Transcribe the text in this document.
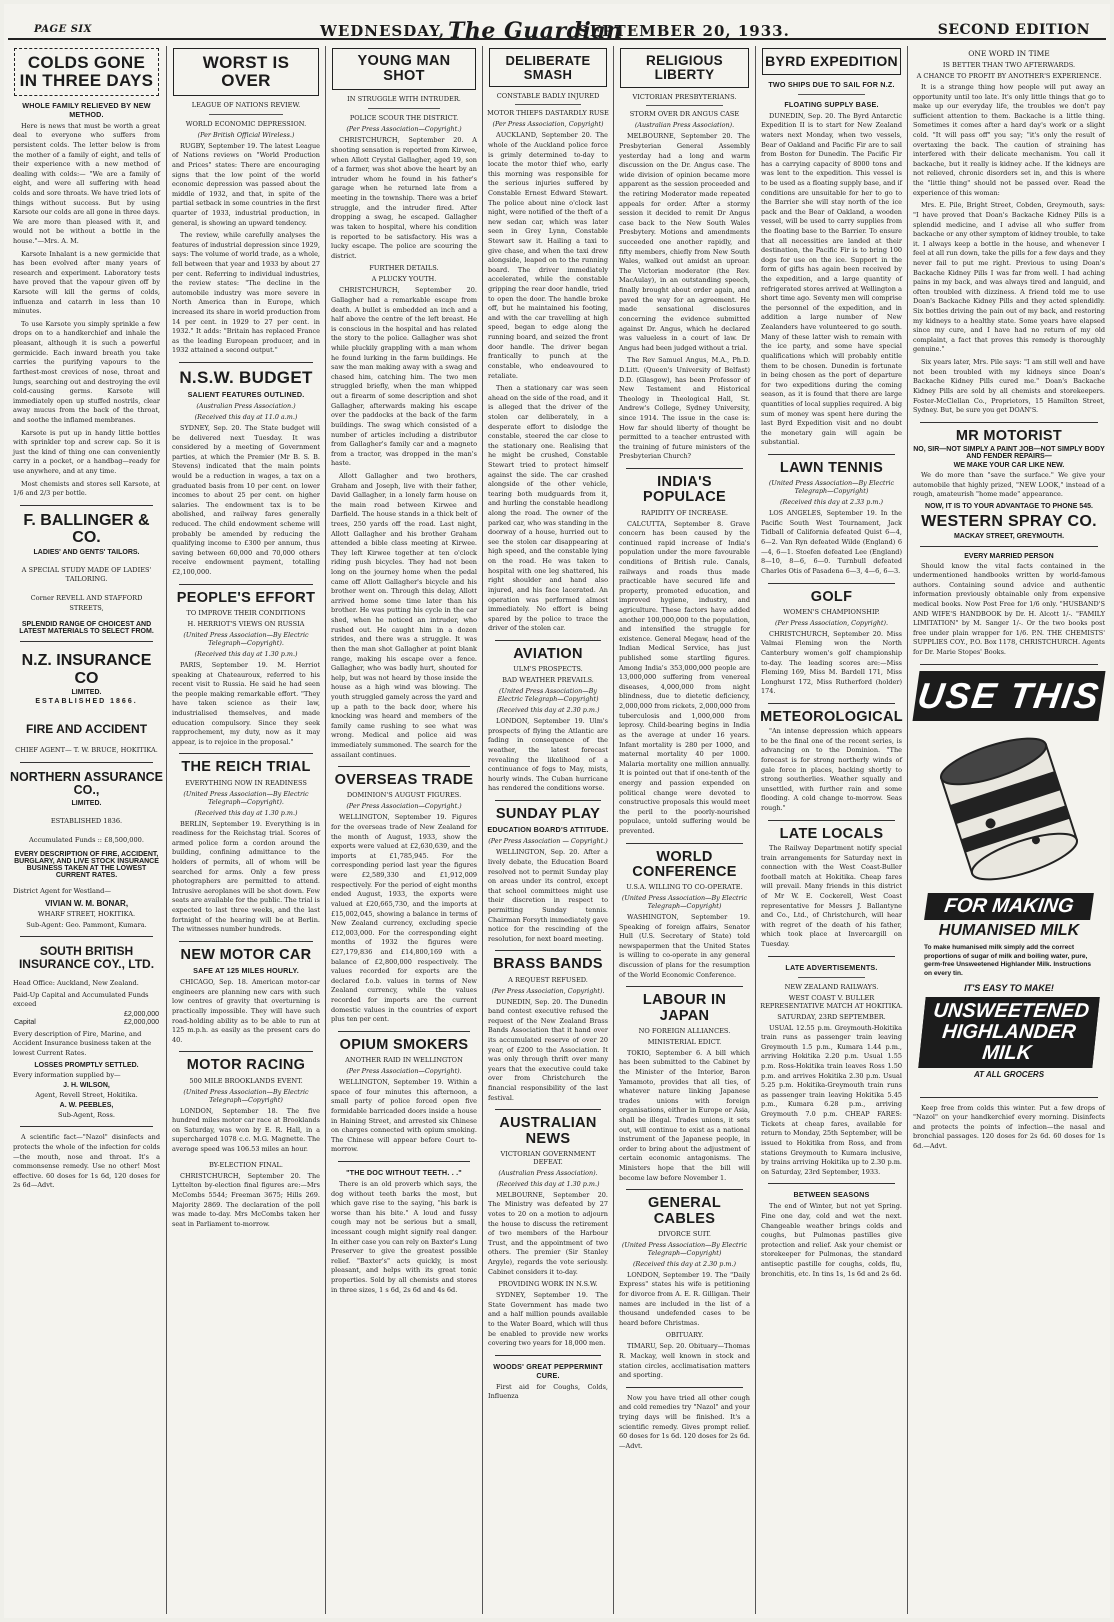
PAGE SIX	WEDNESDAY, The Guardian
SEPTEMBER 20, 1933.	SECOND EDITION
COLDS GONE IN THREE DAYS
WHOLE FAMILY RELIEVED BY NEW METHOD.
Here is news that must be worth a great deal to everyone who suffers from persistent colds. The letter below is from the mother of a family of eight, and tells of their experience with a new method of dealing with colds:— "We are a family of eight, and were all suffering with head colds and sore throats. We have tried lots of things without success. But by using Karsote our colds are all gone in three days. We are more than pleased with it, and would not be without a bottle in the house."—Mrs. A. M.
Karsote Inhalant is a new germicide that has been evolved after many years of research and experiment. Laboratory tests have proved that the vapour given off by Karsote will kill the germs of colds, influenza and catarrh in less than 10 minutes.
To use Karsote you simply sprinkle a few drops on to a handkerchief and inhale the pleasant, although it is such a powerful germicide. Each inward breath you take carries the purifying vapours to the farthest-most crevices of nose, throat and lungs, searching out and destroying the evil cold-causing germs. Karsote will immediately open up stuffed nostrils, clear away mucus from the back of the throat, and soothe the inflamed membranes.
Karsote is put up in handy little bottles with sprinkler top and screw cap. So it is just the kind of thing one can conveniently carry in a pocket, or a handbag—ready for use anywhere, and at any time.
Most chemists and stores sell Karsote, at 1/6 and 2/3 per bottle.
F. BALLINGER & CO.
LADIES' AND GENTS' TAILORS.
A SPECIAL STUDY MADE OF LADIES' TAILORING.
Corner REVELL AND STAFFORD STREETS,
SPLENDID RANGE OF CHOICEST AND LATEST MATERIALS TO SELECT FROM.
N.Z. INSURANCE CO
LIMITED.
ESTABLISHED 1866.
FIRE AND ACCIDENT
CHIEF AGENT— T. W. BRUCE, HOKITIKA.
NORTHERN ASSURANCE CO.,
LIMITED.
ESTABLISHED 1836.
Accumulated Funds :: £8,500,000.
EVERY DESCRIPTION OF FIRE, ACCIDENT, BURGLARY, AND LIVE STOCK INSURANCE BUSINESS TAKEN AT THE LOWEST CURRENT RATES.
District Agent for Westland—
VIVIAN W. M. BONAR,
WHARF STREET, HOKITIKA.
Sub-Agent: Geo. Pammont, Kumara.
SOUTH BRITISH INSURANCE COY., LTD.
Head Office: Auckland, New Zealand.
Paid-Up Capital and Accumulated Funds exceed
£2,000,000
Capital	£2,000,000
Every description of Fire, Marine, and Accident Insurance business taken at the lowest Current Rates.
LOSSES PROMPTLY SETTLED.
Every information supplied by—
J. H. WILSON,
Agent, Revell Street, Hokitika.
A. W. PEEBLES,
Sub-Agent, Ross.
A scientific fact—"Nazol" disinfects and protects the whole of the infection for colds—the mouth, nose and throat. It's a commonsense remedy. Use no other! Most effective. 60 doses for 1s 6d, 120 doses for 2s 6d—Advt.
WORST IS OVER
LEAGUE OF NATIONS REVIEW.
WORLD ECONOMIC DEPRESSION.
(Per British Official Wireless.)
RUGBY, September 19. The latest League of Nations reviews on "World Production and Prices" states: There are encouraging signs that the low point of the world economic depression was passed about the middle of 1932, and that, in spite of the partial setback in some countries in the first quarter of 1933, industrial production, in general, is showing an upward tendency.
The review, while carefully analyses the features of industrial depression since 1929, says: The volume of world trade, as a whole, fell between that year and 1933 by about 27 per cent. Referring to individual industries, the review states: "The decline in the automobile industry was more severe in North America than in Europe, which increased its share in world production from 14 per cent. in 1929 to 27 per cent. in 1932." It adds: "Britain has replaced France as the leading European producer, and in 1932 attained a second output."
N.S.W. BUDGET
SALIENT FEATURES OUTLINED.
(Australian Press Association.)
(Received this day at 11.0 a.m.)
SYDNEY, Sep. 20. The State budget will be delivered next Tuesday. It was considered by a meeting of Government parties, at which the Premier (Mr B. S. B. Stevens) indicated that the main points would be a reduction in wages, a tax on a graduated basis from 10 per cent. on lower incomes to about 25 per cent. on higher salaries. The endowment tax is to be abolished, and railway fares generally reduced. The child endowment scheme will probably be amended by reducing the qualifying income to £300 per annum, thus saving between 60,000 and 70,000 others receive endowment payment, totalling £2,100,000.
PEOPLE'S EFFORT
TO IMPROVE THEIR CONDITIONS
H. HERRIOT'S VIEWS ON RUSSIA
(United Press Association—By Electric Telegraph—Copyright).
(Received this day at 1.30 p.m.)
PARIS, September 19. M. Herriot speaking at Chateauroux, referred to his recent visit to Russia. He said he had seen the people making remarkable effort. "They have taken science as their law, industrialised themselves, and made education compulsory. Since they seek rapprochement, my duty, now as it may appear, is to rejoice in the proposal."
THE REICH TRIAL
EVERYTHING NOW IN READINESS
(United Press Association—By Electric Telegraph—Copyright).
(Received this day at 1.30 p.m.)
BERLIN, September 19. Everything is in readiness for the Reichstag trial. Scores of armed police form a cordon around the building, confining admittance to the holders of permits, all of whom will be searched for arms. Only a few press photographers are permitted to attend. Intrusive aeroplanes will be shot down. Few seats are available for the public. The trial is expected to last three weeks, and the last fortnight of the hearing will be at Berlin. The witnesses number hundreds.
NEW MOTOR CAR
SAFE AT 125 MILES HOURLY.
CHICAGO, Sep. 18. American motor-car engineers are planning new cars with such low centres of gravity that overturning is practically impossible. They will have such road-holding ability as to be able to run at 125 m.p.h. as easily as the present cars do 40.
MOTOR RACING
500 MILE BROOKLANDS EVENT.
(United Press Association—By Electric Telegraph—Copyright)
LONDON, September 18. The five hundred miles motor car race at Brooklands on Saturday, was won by E. R. Hall, in a supercharged 1078 c.c. M.G. Magnette. The average speed was 106.53 miles an hour.
BY-ELECTION FINAL.
CHRISTCHURCH, September 20. The Lyttelton by-election final figures are:—Mrs McCombs 5544; Freeman 3675; Hills 269. Majority 2869. The declaration of the poll was made to-day. Mrs McCombs taken her seat in Parliament to-morrow.
YOUNG MAN SHOT
IN STRUGGLE WITH INTRUDER.
POLICE SCOUR THE DISTRICT.
(Per Press Association—Copyright.)
CHRISTCHURCH, September 20. A shooting sensation is reported from Kirwee, when Allott Crystal Gallagher, aged 19, son of a farmer, was shot above the heart by an intruder whom he found in his father's garage when he returned late from a meeting in the township. There was a brief struggle, and the intruder fired. After dropping a swag, he escaped. Gallagher was taken to hospital, where his condition is reported to be satisfactory. His was a lucky escape. The police are scouring the district.
FURTHER DETAILS.
A PLUCKY YOUTH.
CHRISTCHURCH, September 20. Gallagher had a remarkable escape from death. A bullet is embedded an inch and a half above the centre of the left breast. He is conscious in the hospital and has related the story to the police. Gallagher was shot while pluckily grappling with a man whom he found lurking in the farm buildings. He saw the man making away with a swag and chased him, catching him. The two men struggled briefly, when the man whipped out a firearm of some description and shot Gallagher, afterwards making his escape over the paddocks at the back of the farm buildings. The swag which consisted of a number of articles including a distributor from Gallagher's family car and a magneto from a tractor, was dropped in the man's haste.
Allott Gallagher and two brothers, Graham and Joseph, live with their father, David Gallagher, in a lonely farm house on the main road between Kirwee and Darfield. The house stands in a thick belt of trees, 250 yards off the road. Last night, Allott Gallagher and his brother Graham attended a bible class meeting at Kirwee. They left Kirwee together at ten o'clock riding push bicycles. They had not been long on the journey home when the pedal came off Allott Gallagher's bicycle and his brother went on. Through this delay, Allott arrived home some time later than his brother. He was putting his cycle in the car shed, when he noticed an intruder, who rushed out. He caught him in a dozen strides, and there was a struggle. It was then the man shot Gallagher at point blank range, making his escape over a fence. Gallagher, who was badly hurt, shouted for help, but was not heard by those inside the house as a high wind was blowing. The youth struggled gamely across the yard and up a path to the back door, where his knocking was heard and members of the family came rushing to see what was wrong. Medical and police aid was immediately summoned. The search for the assailant continues.
OVERSEAS TRADE
DOMINION'S AUGUST FIGURES.
(Per Press Association—Copyright.)
WELLINGTON, September 19. Figures for the overseas trade of New Zealand for the month of August, 1933, show the exports were valued at £2,630,639, and the imports at £1,785,945. For the corresponding period last year the figures were £2,589,330 and £1,912,009 respectively. For the period of eight months ended August, 1933, the exports were valued at £20,665,730, and the imports at £15,002,045, showing a balance in terms of New Zealand currency, excluding specie £12,003,000. For the corresponding eight months of 1932 the figures were £27,179,836 and £14,800,169 with a balance of £2,800,000 respectively. The values recorded for exports are the declared f.o.b. values in terms of New Zealand currency, while the values recorded for imports are the current domestic values in the countries of export plus ten per cent.
OPIUM SMOKERS
ANOTHER RAID IN WELLINGTON
(Per Press Association—Copyright).
WELLINGTON, September 19. Within a space of four minutes this afternoon, a small party of police forced open five formidable barricaded doors inside a house in Haining Street, and arrested six Chinese on charges connected with opium smoking. The Chinese will appear before Court to-morrow.
"THE DOC WITHOUT TEETH. . ."
There is an old proverb which says, the dog without teeth barks the most, but which gave rise to the saying, "his bark is worse than his bite." A loud and fussy cough may not be serious but a small, incessant cough might signify real danger. In either case you can rely on Baxter's Lung Preserver to give the greatest possible relief. "Baxter's" acts quickly, is most pleasant, and helps with its great tonic properties. Sold by all chemists and stores in three sizes, 1 s 6d, 2s 6d and 4s 6d.
DELIBERATE SMASH
CONSTABLE BADLY INJURED
MOTOR THIEFS DASTARDLY RUSE
(Per Press Association, Copyright)
AUCKLAND, September 20. The whole of the Auckland police force is grimly determined to-day to locate the motor thief who, early this morning was responsible for the serious injuries suffered by Constable Ernest Edward Stewart. The police about nine o'clock last night, were notified of the theft of a new sedan car, which was later seen in Grey Lynn, Constable Stewart saw it. Hailing a taxi to give chase, and when the taxi drew alongside, leaped on to the running board. The driver immediately accelerated, while the constable gripping the rear door handle, tried to open the door. The handle broke off, but he maintained his footing, and with the car travelling at high speed, began to edge along the running board, and seized the front door handle. The driver began frantically to punch at the constable, who endeavoured to retaliate.
Then a stationary car was seen ahead on the side of the road, and it is alleged that the driver of the stolen car deliberately, in a desperate effort to dislodge the constable, steered the car close to the stationary one. Realising that he might be crushed, Constable Stewart tried to protect himself against the side. The car crashed alongside of the other vehicle, tearing both mudguards from it, and hurling the constable headlong along the road. The owner of the parked car, who was standing in the doorway of a house, hurried out to see the stolen car disappearing at high speed, and the constable lying on the road. He was taken to hospital with one leg shattered, his right shoulder and hand also injured, and his face lacerated. An operation was performed almost immediately. No effort is being spared by the police to trace the driver of the stolen car.
AVIATION
ULM'S PROSPECTS.
BAD WEATHER PREVAILS.
(United Press Association—By Electric Telegraph—Copyright)
(Received this day at 2.30 p.m.)
LONDON, September 19. Ulm's prospects of flying the Atlantic are fading in consequence of the weather, the latest forecast revealing the likelihood of a continuance of fogs to May, mists, hourly winds. The Cuban hurricane has rendered the conditions worse.
SUNDAY PLAY
EDUCATION BOARD'S ATTITUDE.
(Per Press Association — Copyright.)
WELLINGTON, Sep. 20. After a lively debate, the Education Board resolved not to permit Sunday play on areas under its control, except that school committees might use their discretion in respect to permitting Sunday tennis. Chairman Forsyth immediately gave notice for the rescinding of the resolution, for next board meeting.
BRASS BANDS
A REQUEST REFUSED.
(Per Press Association, Copyright).
DUNEDIN, Sep. 20. The Dunedin band contest executive refused the request of the New Zealand Brass Bands Association that it hand over its accumulated reserve of over 20 year, of £200 to the Association. It was only through thrift over many years that the executive could take over from Christchurch the financial responsibility of the last festival.
AUSTRALIAN NEWS
VICTORIAN GOVERNMENT DEFEAT.
(Australian Press Association).
(Received this day at 1.30 p.m.)
MELBOURNE, September 20. The Ministry was defeated by 27 votes to 20 on a motion to adjourn the house to discuss the retirement of two members of the Harbour Trust, and the appointment of two others. The premier (Sir Stanley Argyle), regards the vote seriously. Cabinet considers it to-day.
PROVIDING WORK IN N.S.W.
SYDNEY, September 19. The State Government has made two and a half million pounds available to the Water Board, which will thus be enabled to provide new works covering two years for 18,000 men.
WOODS' GREAT PEPPERMINT CURE.
First aid for Coughs, Colds, Influenza
RELIGIOUS LIBERTY
VICTORIAN PRESBYTERIANS.
STORM OVER DR ANGUS CASE
(Australian Press Association).
MELBOURNE, September 20. The Presbyterian General Assembly yesterday had a long and warm discussion on the Dr. Angus case. The wide division of opinion became more apparent as the session proceeded and the retiring Moderator made repeated appeals for order. After a stormy session it decided to remit Dr Angus case back to the New South Wales Presbytery. Motions and amendments succeeded one another rapidly, and fifty members, chiefly from New South Wales, walked out amidst an uproar. The Victorian moderator (the Rev. MacAulay), in an outstanding speech, finally brought about order again, and paved the way for an agreement. He made sensational disclosures concerning the evidence submitted against Dr. Angus, which he declared was valueless in a court of law. Dr Angus had been judged without a trial.
The Rev Samuel Angus, M.A., Ph.D. D.Litt. (Queen's University of Belfast) D.D. (Glasgow), has been Professor of New Testament and Historical Theology in Theological Hall, St. Andrew's College, Sydney University, since 1914. The issue in the case is: How far should liberty of thought be permitted to a teacher entrusted with the training of future ministers of the Presbyterian Church?
INDIA'S POPULACE
RAPIDITY OF INCREASE.
CALCUTTA, September 8. Grave concern has been caused by the continued rapid increase of India's population under the more favourable conditions of British rule. Canals, railways and roads thus made practicable have secured life and property, promoted education, and improved hygiene, industry, and agriculture. These factors have added another 100,000,000 to the population, and intensified the struggle for existence. General Megaw, head of the Indian Medical Service, has just published some startling figures. Among India's 353,000,000 people are 13,000,000 suffering from venereal diseases, 4,000,000 from night blindness, due to dietetic deficiency, 2,000,000 from rickets, 2,000,000 from tuberculosis and 1,000,000 from leprosy. Child-bearing begins in India as the average at under 16 years. Infant mortality is 280 per 1000, and maternal mortality 40 per 1000. Malaria mortality one million annually. It is pointed out that if one-tenth of the energy and passion expended on political change were devoted to constructive proposals this would meet the peril to the poorly-nourished populace, untold suffering would be prevented.
WORLD CONFERENCE
U.S.A. WILLING TO CO-OPERATE.
(United Press Association—By Electric Telegraph—Copyright)
WASHINGTON, September 19. Speaking of foreign affairs, Senator Hull (U.S. Secretary of State) told newspapermen that the United States is willing to co-operate in any general discussion of plans for the resumption of the World Economic Conference.
LABOUR IN JAPAN
NO FOREIGN ALLIANCES.
MINISTERIAL EDICT.
TOKIO, September 6. A bill which has been submitted to the Cabinet by the Minister of the Interior, Baron Yamamoto, provides that all ties, of whatever nature linking Japanese trades unions with foreign organisations, either in Europe or Asia, shall be illegal. Trades unions, it sets out, will continue to exist as a national instrument of the Japanese people, in order to bring about the adjustment of certain economic antagonisms. The Ministers hope that the bill will become law before November 1.
GENERAL CABLES
DIVORCE SUIT.
(United Press Association—By Electric Telegraph—Copyright)
(Received this day at 2.30 p.m.)
LONDON, September 19. The "Daily Express" states his wife is petitioning for divorce from A. E. R. Gilligan. Their names are included in the list of a thousand undefended cases to be heard before Christmas.
OBITUARY.
TIMARU, Sep. 20. Obituary—Thomas R. Mackay, well known in stock and station circles, acclimatisation matters and sporting.
Now you have tried all other cough and cold remedies try "Nazol" and your trying days will be finished. It's a scientific remedy. Gives prompt relief. 60 doses for 1s 6d. 120 doses for 2s 6d.—Advt.
BYRD EXPEDITION
TWO SHIPS DUE TO SAIL FOR N.Z.
FLOATING SUPPLY BASE.
DUNEDIN, Sep. 20. The Byrd Antarctic Expedition II is to start for New Zealand waters next Monday, when two vessels, Bear of Oakland and Pacific Fir are to sail from Boston for Dunedin. The Pacific Fir has a carrying capacity of 8000 tons and was lent to the expedition. This vessel is to be used as a floating supply base, and if conditions are unsuitable for her to go to the Barrier she will stay north of the ice pack and the Bear of Oakland, a wooden vessel, will be used to carry supplies from the floating base to the Barrier. To ensure that all necessities are landed at their destination, the Pacific Fir is to bring 100 dogs for use on the ice. Support in the form of gifts has again been received by the expedition, and a large quantity of refrigerated stores arrived at Wellington a short time ago. Seventy men will comprise the personnel of the expedition, and in addition a large number of New Zealanders have volunteered to go south. Many of these latter wish to remain with the ice party, and some have special qualifications which will probably entitle them to be chosen. Dunedin is fortunate in being chosen as the port of departure for two expeditions during the coming season, as it is found that there are large quantities of local supplies required. A big sum of money was spent here during the last Byrd Expedition visit and no doubt the monetary gain will again be substantial.
LAWN TENNIS
(United Press Association—By Electric Telegraph—Copyright)
(Received this day at 2.33 p.m.)
LOS ANGELES, September 19. In the Pacific South West Tournament, Jack Tidball of California defeated Quist 6—4, 6—2. Van Ryn defeated Wilde (England) 6—4, 6—1. Stoefen defeated Lee (England) 8—10, 8—6, 6—0. Turnbull defeated Charles Otis of Pasadena 6—3, 4—6, 6—3.
GOLF
WOMEN'S CHAMPIONSHIP.
(Per Press Association, Copyright).
CHRISTCHURCH, September 20. Miss Valmai Fleming won the North Canterbury women's golf championship to-day. The leading scores are:—Miss Fleming 169, Miss M. Bardell 171, Miss Longhurst 172, Miss Rutherford (holder) 174.
METEOROLOGICAL
"An intense depression which appears to be the final one of the recent series, is advancing on to the Dominion. "The forecast is for strong northerly winds of gale force in places, backing shortly to strong southerlies. Weather squally and unsettled, with further rain and some flooding. A cold change to-morrow. Seas rough."
LATE LOCALS
The Railway Department notify special train arrangements for Saturday next in connection with the West Coast-Buller football match at Hokitika. Cheap fares will prevail. Many friends in this district of Mr W. E. Cockerell, West Coast representative for Messrs J. Ballantyne and Co., Ltd., of Christchurch, will hear with regret of the death of his father, which took place at Invercargill on Tuesday.
LATE ADVERTISEMENTS.
NEW ZEALAND RAILWAYS.
WEST COAST V. BULLER REPRESENTATIVE MATCH AT HOKITIKA.
SATURDAY, 23RD SEPTEMBER.
USUAL 12.55 p.m. Greymouth-Hokitika train runs as passenger train leaving Greymouth 1.5 p.m., Kumara 1.44 p.m., arriving Hokitika 2.20 p.m. Usual 1.55 p.m. Ross-Hokitika train leaves Ross 1.50 p.m. and arrives Hokitika 2.30 p.m. Usual 5.25 p.m. Hokitika-Greymouth train runs as passenger train leaving Hokitika 5.45 p.m., Kumara 6.28 p.m., arriving Greymouth 7.0 p.m. CHEAP FARES: Tickets at cheap fares, available for return to Monday, 25th September, will be issued to Hokitika from Ross, and from stations Greymouth to Kumara inclusive, by trains arriving Hokitika up to 2.30 p.m. on Saturday, 23rd September, 1933.
BETWEEN SEASONS
The end of Winter, but not yet Spring. Fine one day, cold and wet the next. Changeable weather brings colds and coughs, but Pulmonas pastilles give protection and relief. Ask your chemist or storekeeper for Pulmonas, the standard antiseptic pastille for coughs, colds, flu, bronchitis, etc. In tins 1s, 1s 6d and 2s 6d.
ONE WORD IN TIME
IS BETTER THAN TWO AFTERWARDS.
A CHANCE TO PROFIT BY ANOTHER'S EXPERIENCE.
It is a strange thing how people will put away an opportunity until too late. It's only little things that go to make up our everyday life, the troubles we don't pay sufficient attention to them. Backache is a little thing. Sometimes it comes after a hard day's work or a slight cold. "It will pass off" you say; "it's only the result of overtaxing the back. The caution of straining has interfered with their delicate mechanism. You call it backache, but it really is kidney ache. If the kidneys are not relieved, chronic disorders set in, and this is where the "little thing" should not be passed over. Read the experience of this woman:
Mrs. E. Pile, Bright Street, Cobden, Greymouth, says: "I have proved that Doan's Backache Kidney Pills is a splendid medicine, and I advise all who suffer from backache or any other symptom of kidney trouble, to take it. I always keep a bottle in the house, and whenever I feel at all run down, take the pills for a few days and they never fail to put me right. Previous to using Doan's Backache Kidney Pills I was far from well. I had aching pains in my back, and was always tired and languid, and often troubled with dizziness. A friend told me to use Doan's Backache Kidney Pills and they acted splendidly. Six bottles driving the pain out of my back, and restoring my kidneys to a healthy state. Some years have elapsed since my cure, and I have had no return of my old complaint, a fact that proves this remedy is thoroughly genuine."
Six years later, Mrs. Pile says: "I am still well and have not been troubled with my kidneys since Doan's Backache Kidney Pills cured me." Doan's Backache Kidney Pills are sold by all chemists and storekeepers. Foster-McClellan Co., Proprietors, 15 Hamilton Street, Sydney. But, be sure you get DOAN'S.
MR MOTORIST
NO, SIR—NOT SIMPLY A PAINT JOB—NOT SIMPLY BODY AND FENDER REPAIRS—
WE MAKE YOUR CAR LIKE NEW.
We do more than "save the surface." We give your automobile that highly prized, "NEW LOOK," instead of a rough, amateurish "home made" appearance.
NOW, IT IS TO YOUR ADVANTAGE TO PHONE 545.
WESTERN SPRAY CO.
MACKAY STREET, GREYMOUTH.
EVERY MARRIED PERSON
Should know the vital facts contained in the undermentioned handbooks written by world-famous authors. Containing sound advice and authentic information previously obtainable only from expensive medical books. Now Post Free for 1/6 only. "HUSBAND'S AND WIFE'S HANDBOOK by Dr. H. Alcott 1/-. "FAMILY LIMITATION" by M. Sanger 1/-. Or the two books post free under plain wrapper for 1/6. P.N. THE CHEMISTS' SUPPLIES COY., P.O. Box 1178, CHRISTCHURCH. Agents for Dr. Marie Stopes' Books.
USE THIS
FOR MAKING
HUMANISED MILK
To make humanised milk simply add the correct proportions of sugar of milk and boiling water, pure, germ-free Unsweetened Highlander Milk. Instructions on every tin.
IT'S EASY TO MAKE!
UNSWEETENED HIGHLANDER MILK
AT ALL GROCERS
Keep free from colds this winter. Put a few drops of "Nazol" on your handkerchief every morning. Disinfects and protects the points of infection—the nasal and bronchial passages. 120 doses for 2s 6d. 60 doses for 1s 6d.—Advt.
